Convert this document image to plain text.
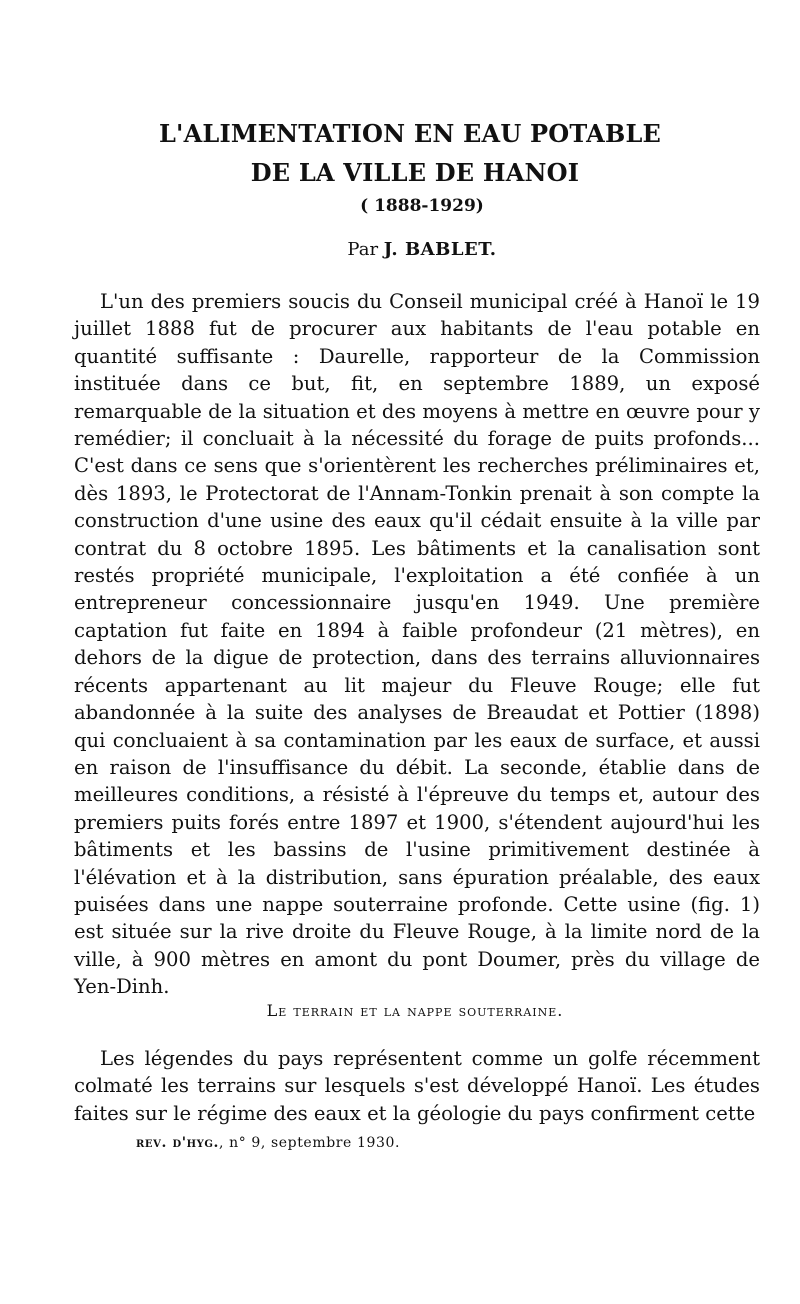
L'ALIMENTATION EN EAU POTABLE
DE LA VILLE DE HANOI
( 1888-1929)
Par J. BABLET.

L'un des premiers soucis du Conseil municipal créé à Hanoï le 19 juillet 1888 fut de procurer aux habitants de l'eau potable en quantité suffisante : Daurelle, rapporteur de la Commission instituée dans ce but, fit, en septembre 1889, un exposé remarquable de la situation et des moyens à mettre en œuvre pour y remédier; il concluait à la nécessité du forage de puits profonds... C'est dans ce sens que s'orientèrent les recherches préliminaires et, dès 1893, le Protectorat de l'Annam-Tonkin prenait à son compte la construction d'une usine des eaux qu'il cédait ensuite à la ville par contrat du 8 octobre 1895. Les bâtiments et la canalisation sont restés propriété municipale, l'exploitation a été confiée à un entrepreneur concessionnaire jusqu'en 1949. Une première captation fut faite en 1894 à faible profondeur (21 mètres), en dehors de la digue de protection, dans des terrains alluvionnaires récents appartenant au lit majeur du Fleuve Rouge; elle fut abandonnée à la suite des analyses de Breaudat et Pottier (1898) qui concluaient à sa contamination par les eaux de surface, et aussi en raison de l'insuffisance du débit. La seconde, établie dans de meilleures conditions, a résisté à l'épreuve du temps et, autour des premiers puits forés entre 1897 et 1900, s'étendent aujourd'hui les bâtiments et les bassins de l'usine primitivement destinée à l'élévation et à la distribution, sans épuration préalable, des eaux puisées dans une nappe souterraine profonde. Cette usine (fig. 1) est située sur la rive droite du Fleuve Rouge, à la limite nord de la ville, à 900 mètres en amont du pont Doumer, près du village de Yen-Dinh.

Le terrain et la nappe souterraine.

Les légendes du pays représentent comme un golfe récemment colmaté les terrains sur lesquels s'est développé Hanoï. Les études faites sur le régime des eaux et la géologie du pays confirment cette

rev. d'hyg., n° 9, septembre 1930.
